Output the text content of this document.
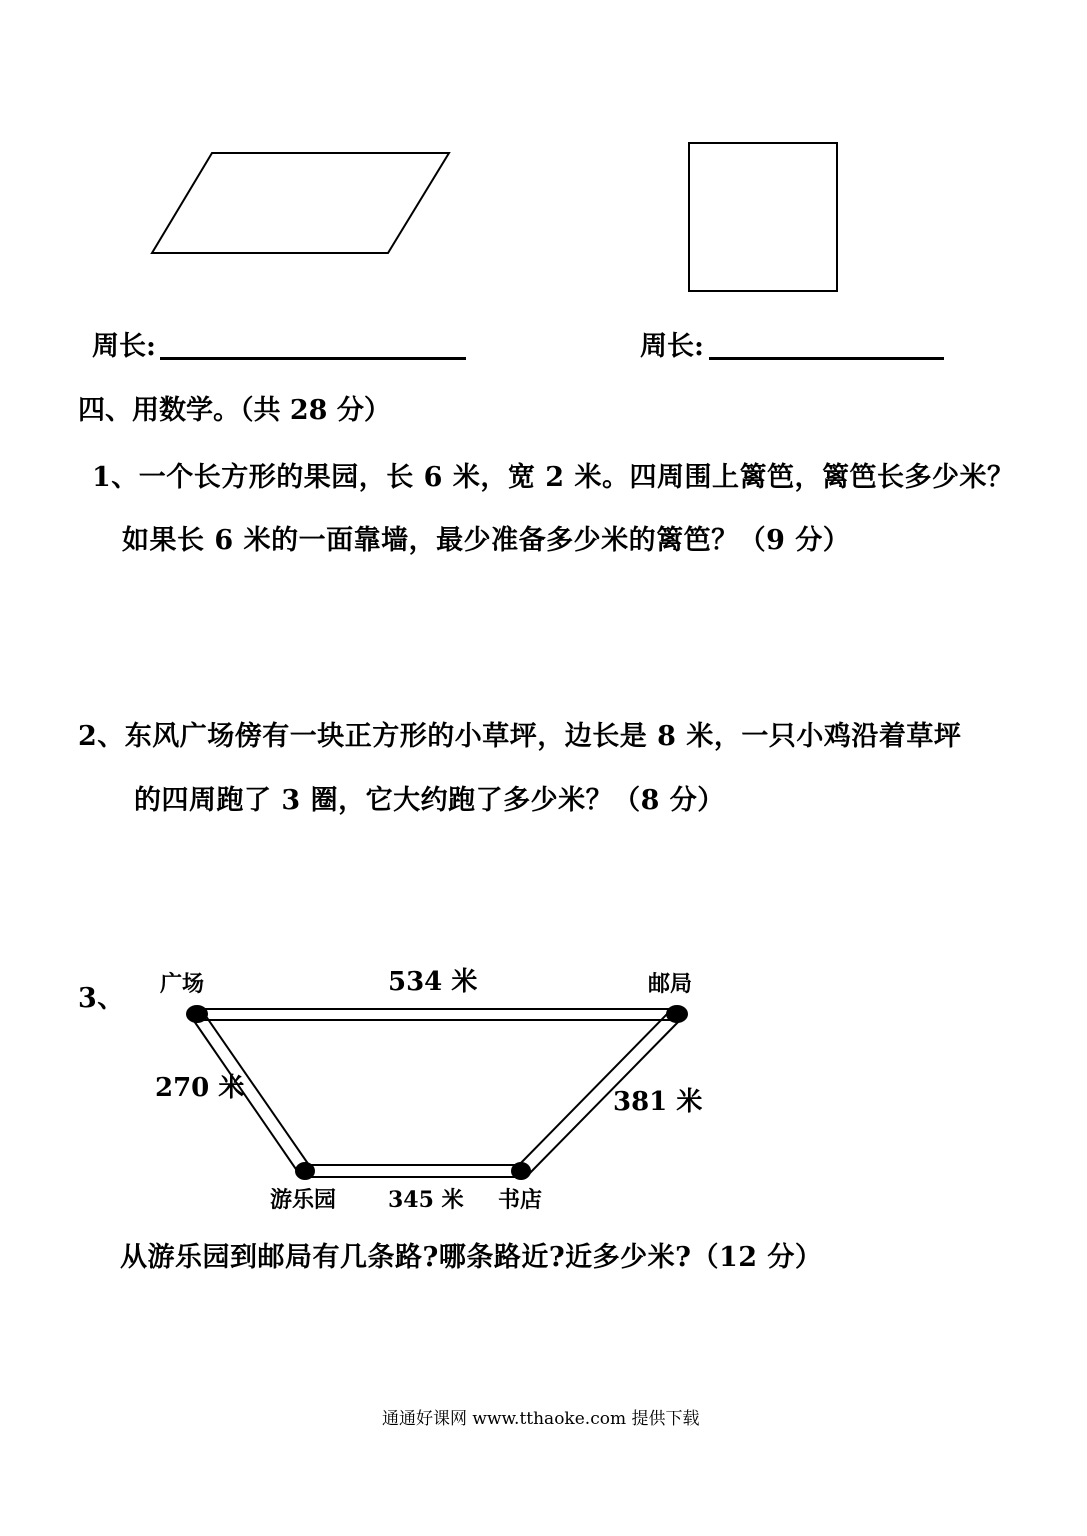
周长:	周长:
四、用数学。（共 28 分）
1、一个长方形的果园，长 6 米，宽 2 米。四周围上篱笆，篱笆长多少米？
如果长 6 米的一面靠墙，最少准备多少米的篱笆？（9 分）
2、东风广场傍有一块正方形的小草坪，边长是 8 米，一只小鸡沿着草坪
的四周跑了 3 圈，它大约跑了多少米？（8 分）
3、 广场	邮局
游乐园	书店
534 米
270 米	381 米
345 米
从游乐园到邮局有几条路?哪条路近?近多少米?（12 分）
通通好课网 www.tthaoke.com 提供下载
